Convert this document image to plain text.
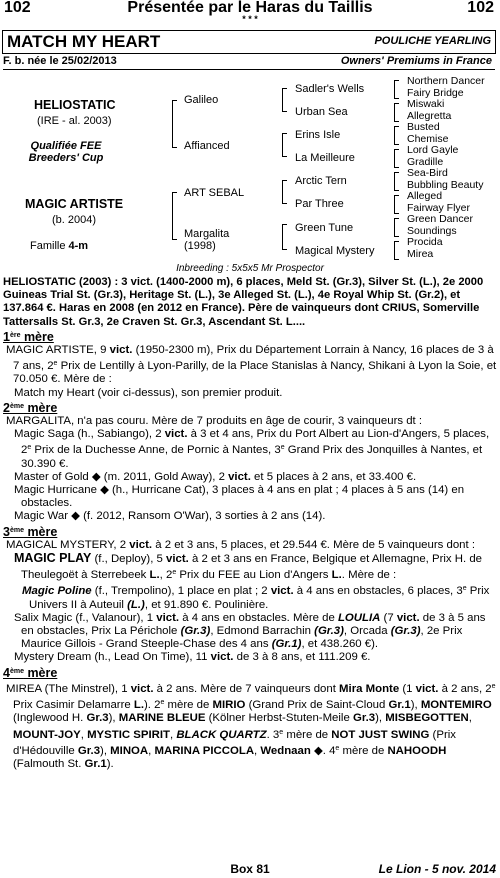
102	Présentée par le Haras du Taillis	102
* * *
MATCH MY HEART	POULICHE YEARLING
F. b. née le 25/02/2013	Owners' Premiums in France
HELIOSTATIC
(IRE - al. 2003)
Qualifiée FEE Breeders' Cup
MAGIC ARTISTE
(b. 2004)
Famille 4-m
Galileo
Affianced
ART SEBAL
Margalita
(1998)
Sadler's Wells
Urban Sea
Erins Isle
La Meilleure
Arctic Tern
Par Three
Green Tune
Magical Mystery
Northern Dancer
Fairy Bridge
Miswaki
Allegretta
Busted
Chemise
Lord Gayle
Gradille
Sea-Bird
Bubbling Beauty
Alleged
Fairway Flyer
Green Dancer
Soundings
Procida
Mirea
Inbreeding : 5x5x5 Mr Prospector

HELIOSTATIC (2003) : 3 vict. (1400-2000 m), 6 places, Meld St. (Gr.3), Silver St. (L.), 2e 2000 Guineas Trial St. (Gr.3), Heritage St. (L.), 3e Alleged St. (L.), 4e Royal Whip St. (Gr.2), et 137.864 €. Haras en 2008 (en 2012 en France). Père de vainqueurs dont CRIUS, Somerville Tattersalls St. Gr.3, 2e Craven St. Gr.3, Ascendant St. L....

1ère mère

MAGIC ARTISTE, 9 vict. (1950-2300 m), Prix du Département Lorrain à Nancy, 16 places de 3 à 7 ans, 2e Prix de Lentilly à Lyon-Parilly, de la Place Stanislas à Nancy, Shikani à Lyon la Soie, et 70.050 €. Mère de :

Match my Heart (voir ci-dessus), son premier produit.

2ème mère

MARGALITA, n'a pas couru. Mère de 7 produits en âge de courir, 3 vainqueurs dt :

Magic Saga (h., Sabiango), 2 vict. à 3 et 4 ans, Prix du Port Albert au Lion-d'Angers, 5 places, 2e Prix de la Duchesse Anne, de Pornic à Nantes, 3e Grand Prix des Jonquilles à Nantes, et 30.390 €.

Master of Gold ◆ (m. 2011, Gold Away), 2 vict. et 5 places à 2 ans, et 33.400 €.

Magic Hurricane ◆ (h., Hurricane Cat), 3 places à 4 ans en plat ; 4 places à 5 ans (14) en obstacles.

Magic War ◆ (f. 2012, Ransom O'War), 3 sorties à 2 ans (14).

3ème mère

MAGICAL MYSTERY, 2 vict. à 2 et 3 ans, 5 places, et 29.544 €. Mère de 5 vainqueurs dont :

MAGIC PLAY (f., Deploy), 5 vict. à 2 et 3 ans en France, Belgique et Allemagne, Prix H. de Theulegoët à Sterrebeek L., 2e Prix du FEE au Lion d'Angers L.. Mère de :

Magic Poline (f., Trempolino), 1 place en plat ; 2 vict. à 4 ans en obstacles, 6 places, 3e Prix Univers II à Auteuil (L.), et 91.890 €. Poulinière.

Salix Magic (f., Valanour), 1 vict. à 4 ans en obstacles. Mère de LOULIA (7 vict. de 3 à 5 ans en obstacles, Prix La Périchole (Gr.3), Edmond Barrachin (Gr.3), Orcada (Gr.3), 2e Prix Maurice Gillois - Grand Steeple-Chase des 4 ans (Gr.1), et 438.260 €).

Mystery Dream (h., Lead On Time), 11 vict. de 3 à 8 ans, et 111.209 €.

4ème mère

MIREA (The Minstrel), 1 vict. à 2 ans. Mère de 7 vainqueurs dont Mira Monte (1 vict. à 2 ans, 2e Prix Casimir Delamarre L.). 2e mère de MIRIO (Grand Prix de Saint-Cloud Gr.1), MONTEMIRO (Inglewood H. Gr.3), MARINE BLEUE (Kölner Herbst-Stuten-Meile Gr.3), MISBEGOTTEN, MOUNT-JOY, MYSTIC SPIRIT, BLACK QUARTZ. 3e mère de NOT JUST SWING (Prix d'Hédouville Gr.3), MINOA, MARINA PICCOLA, Wednaan ◆. 4e mère de NAHOODH (Falmouth St. Gr.1).

Box 81	Le Lion - 5 nov. 2014
